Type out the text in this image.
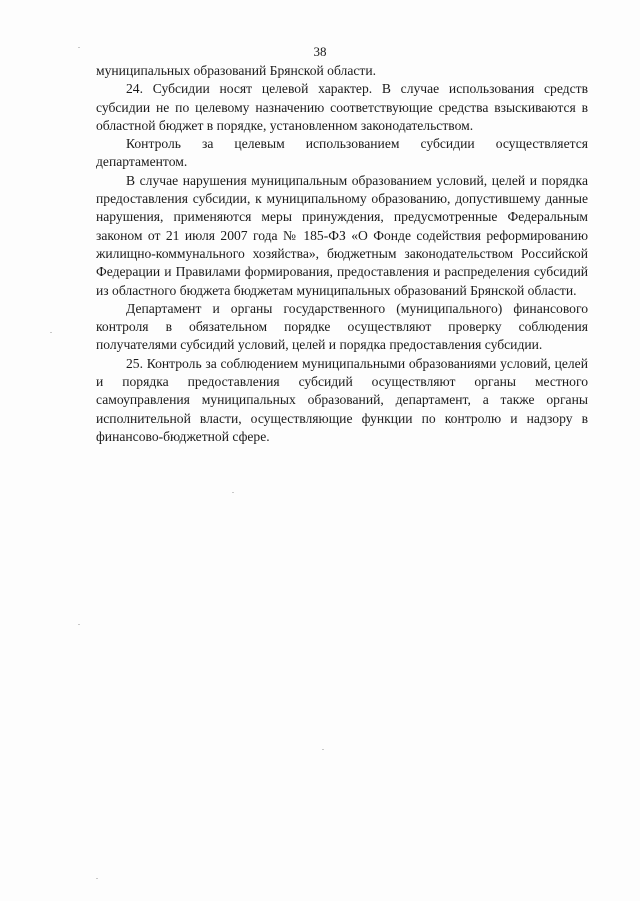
38

муниципальных образований Брянской области.

24. Субсидии носят целевой характер. В случае использования средств субсидии не по целевому назначению соответствующие средства взыскиваются в областной бюджет в порядке, установленном законодательством.

Контроль за целевым использованием субсидии осуществляется департаментом.

В случае нарушения муниципальным образованием условий, целей и порядка предоставления субсидии, к муниципальному образованию, допустившему данные нарушения, применяются меры принуждения, предусмотренные Федеральным законом от 21 июля 2007 года № 185-ФЗ «О Фонде содействия реформированию жилищно-коммунального хозяйства», бюджетным законодательством Российской Федерации и Правилами формирования, предоставления и распределения субсидий из областного бюджета бюджетам муниципальных образований Брянской области.

Департамент и органы государственного (муниципального) финансового контроля в обязательном порядке осуществляют проверку соблюдения получателями субсидий условий, целей и порядка предоставления субсидии.

25. Контроль за соблюдением муниципальными образованиями условий, целей и порядка предоставления субсидий осуществляют органы местного самоуправления муниципальных образований, департамент, а также органы исполнительной власти, осуществляющие функции по контролю и надзору в финансово-бюджетной сфере.
